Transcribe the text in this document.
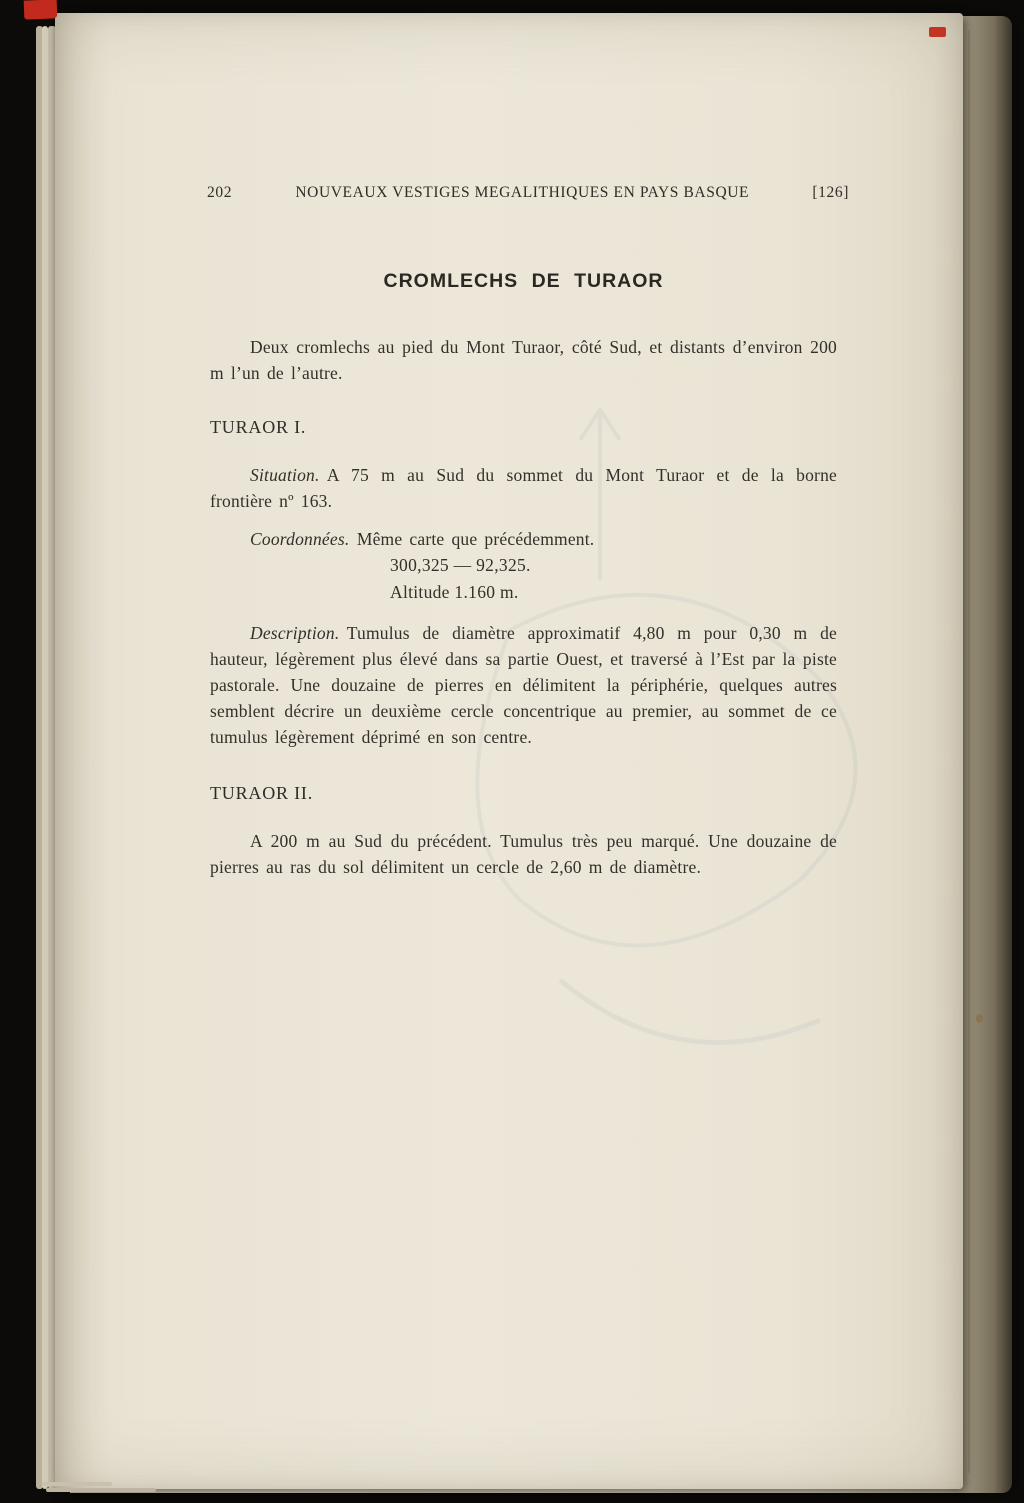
202	NOUVEAUX VESTIGES MEGALITHIQUES EN PAYS BASQUE	[126]
CROMLECHS DE TURAOR

Deux cromlechs au pied du Mont Turaor, côté Sud, et distants d’environ 200 m l’un de l’autre.

TURAOR I.

Situation. A 75 m au Sud du sommet du Mont Turaor et de la borne frontière nº 163.

Coordonnées. Même carte que précédemment.

300,325 — 92,325.
Altitude 1.160 m.

Description. Tumulus de diamètre approximatif 4,80 m pour 0,30 m de hauteur, légèrement plus élevé dans sa partie Ouest, et traversé à l’Est par la piste pastorale. Une douzaine de pierres en délimitent la périphérie, quelques autres semblent décrire un deuxième cercle concentrique au premier, au sommet de ce tumulus légèrement déprimé en son centre.

TURAOR II.

A 200 m au Sud du précédent. Tumulus très peu marqué. Une douzaine de pierres au ras du sol délimitent un cercle de 2,60 m de diamètre.
